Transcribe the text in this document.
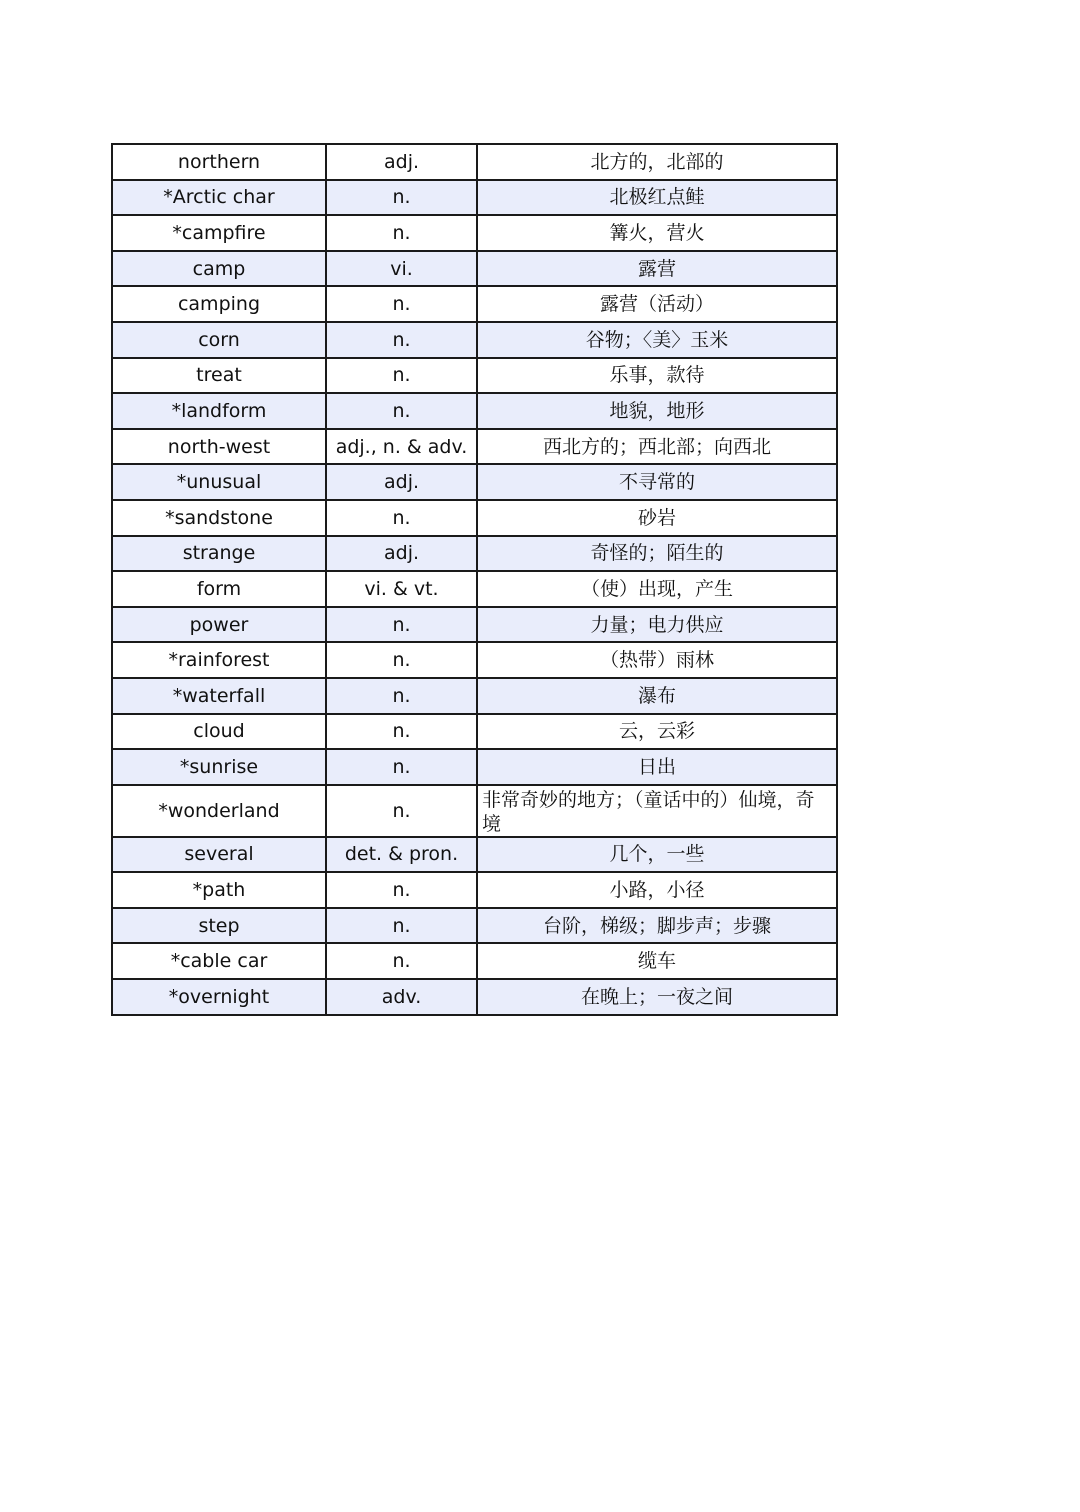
northern	adj.	北方的，北部的
*Arctic char	n.	北极红点鲑
*campfire	n.	篝火，营火
camp	vi.	露营
camping	n.	露营（活动）
corn	n.	谷物；〈美〉玉米
treat	n.	乐事，款待
*landform	n.	地貌，地形
north-west	adj., n. & adv.	西北方的；西北部；向西北
*unusual	adj.	不寻常的
*sandstone	n.	砂岩
strange	adj.	奇怪的；陌生的
form	vi. & vt.	（使）出现，产生
power	n.	力量；电力供应
*rainforest	n.	（热带）雨林
*waterfall	n.	瀑布
cloud	n.	云，云彩
*sunrise	n.	日出
*wonderland	n.	非常奇妙的地方；（童话中的）仙境，奇境
several	det. & pron.	几个，一些
*path	n.	小路，小径
step	n.	台阶，梯级；脚步声；步骤
*cable car	n.	缆车
*overnight	adv.	在晚上；一夜之间
